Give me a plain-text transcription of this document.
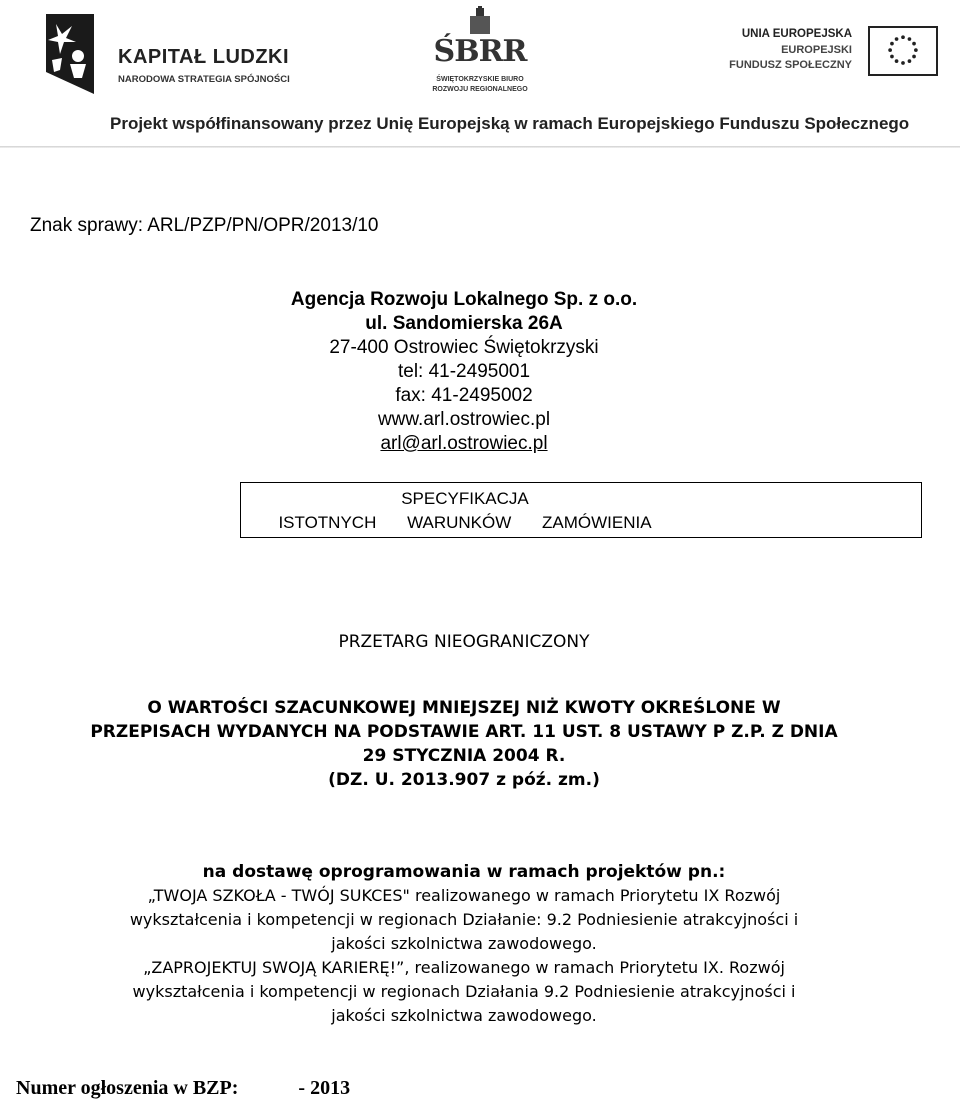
KAPITAŁ LUDZKI
NARODOWA STRATEGIA SPÓJNOŚCI
ŚBRR
ŚWIĘTOKRZYSKIE BIURO
ROZWOJU REGIONALNEGO
UNIA EUROPEJSKA
EUROPEJSKI
FUNDUSZ SPOŁECZNY
Projekt współfinansowany przez Unię Europejską w ramach Europejskiego Funduszu Społecznego
Znak sprawy: ARL/PZP/PN/OPR/2013/10
Agencja Rozwoju Lokalnego Sp. z o.o.
ul. Sandomierska 26A
27-400 Ostrowiec Świętokrzyski
tel: 41-2495001
fax: 41-2495002
www.arl.ostrowiec.pl
arl@arl.ostrowiec.pl
SPECYFIKACJA
ISTOTNYCH WARUNKÓW ZAMÓWIENIA
PRZETARG NIEOGRANICZONY
O WARTOŚCI SZACUNKOWEJ MNIEJSZEJ NIŻ KWOTY OKREŚLONE W
PRZEPISACH WYDANYCH NA PODSTAWIE ART. 11 UST. 8 USTAWY P Z.P. Z DNIA
29 STYCZNIA 2004 R.
(DZ. U. 2013.907 z póź. zm.)
na dostawę oprogramowania w ramach projektów pn.:
„TWOJA SZKOŁA - TWÓJ SUKCES" realizowanego w ramach Priorytetu IX Rozwój
wykształcenia i kompetencji w regionach Działanie: 9.2 Podniesienie atrakcyjności i
jakości szkolnictwa zawodowego.
„ZAPROJEKTUJ SWOJĄ KARIERĘ!”, realizowanego w ramach Priorytetu IX. Rozwój
wykształcenia i kompetencji w regionach Działania 9.2 Podniesienie atrakcyjności i
jakości szkolnictwa zawodowego.
Numer ogłoszenia w BZP:	- 2013
